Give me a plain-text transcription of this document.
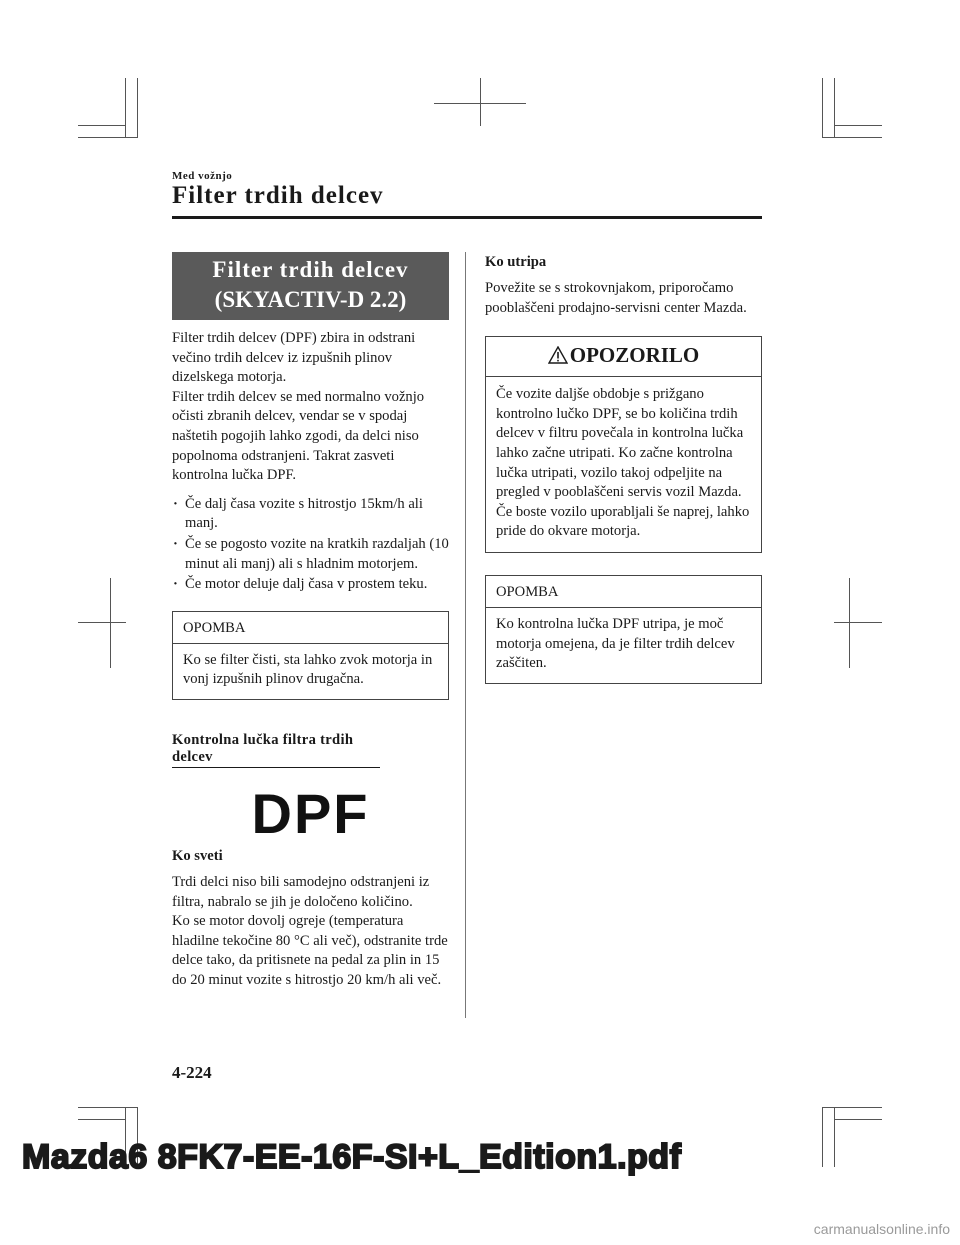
Med vožnjo
Filter trdih delcev
Filter trdih delcev
(SKYACTIV-D 2.2)

Filter trdih delcev (DPF) zbira in odstrani večino trdih delcev iz izpušnih plinov dizelskega motorja.

Filter trdih delcev se med normalno vožnjo očisti zbranih delcev, vendar se v spodaj naštetih pogojih lahko zgodi, da delci niso popolnoma odstranjeni. Takrat zasveti kontrolna lučka DPF.

· Če dalj časa vozite s hitrostjo 15km/h ali manj.
· Če se pogosto vozite na kratkih razdaljah (10 minut ali manj) ali s hladnim motorjem.
· Če motor deluje dalj časa v prostem teku.
OPOMBA
Ko se filter čisti, sta lahko zvok motorja in vonj izpušnih plinov drugačna.
Kontrolna lučka filtra trdih delcev
DPF
Ko sveti

Trdi delci niso bili samodejno odstranjeni iz filtra, nabralo se jih je določeno količino.

Ko se motor dovolj ogreje (temperatura hladilne tekočine 80 °C ali več), odstranite trde delce tako, da pritisnete na pedal za plin in 15 do 20 minut vozite s hitrostjo 20 km/h ali več.

Ko utripa

Povežite se s strokovnjakom, priporočamo pooblaščeni prodajno-servisni center Mazda.

OPOZORILO
Če vozite daljše obdobje s prižgano kontrolno lučko DPF, se bo količina trdih delcev v filtru povečala in kontrolna lučka lahko začne utripati. Ko začne kontrolna lučka utripati, vozilo takoj odpeljite na pregled v pooblaščeni servis vozil Mazda. Če boste vozilo uporabljali še naprej, lahko pride do okvare motorja.
OPOMBA
Ko kontrolna lučka DPF utripa, je moč motorja omejena, da je filter trdih delcev zaščiten.
4-224
Mazda6 8FK7-EE-16F-SI+L_Edition1.pdf
carmanualsonline.info
